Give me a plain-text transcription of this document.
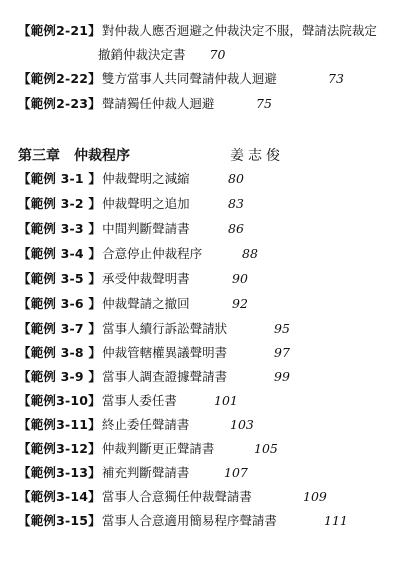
【範例2-21】對仲裁人應否迴避之仲裁決定不服，聲請法院裁定
撤銷仲裁決定書 70
【範例2-22】雙方當事人共同聲請仲裁人迴避	73
【範例2-23】聲請獨任仲裁人迴避	75
第三章 仲裁程序	姜志俊
【範例 3-1 】仲裁聲明之減縮	80
【範例 3-2 】仲裁聲明之追加	83
【範例 3-3 】中間判斷聲請書	86
【範例 3-4 】合意停止仲裁程序	88
【範例 3-5 】承受仲裁聲明書	90
【範例 3-6 】仲裁聲請之撤回	92
【範例 3-7 】當事人續行訴訟聲請狀	95
【範例 3-8 】仲裁管轄權異議聲明書	97
【範例 3-9 】當事人調查證據聲請書	99
【範例3-10】當事人委任書	101
【範例3-11】終止委任聲請書	103
【範例3-12】仲裁判斷更正聲請書	105
【範例3-13】補充判斷聲請書	107
【範例3-14】當事人合意獨任仲裁聲請書	109
【範例3-15】當事人合意適用簡易程序聲請書	111
